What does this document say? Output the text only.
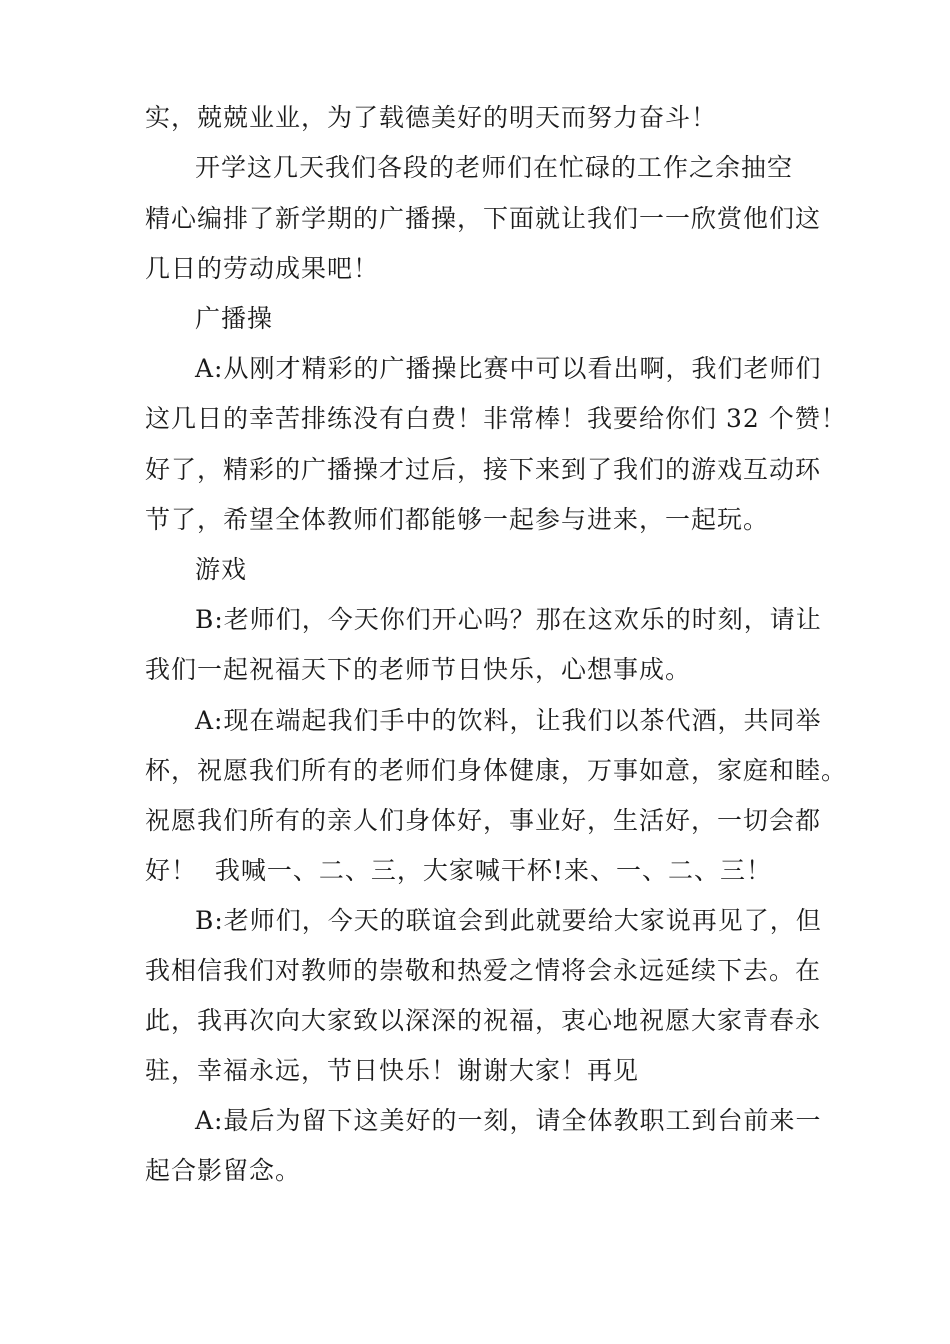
实，兢兢业业，为了载德美好的明天而努力奋斗！
开学这几天我们各段的老师们在忙碌的工作之余抽空
精心编排了新学期的广播操，下面就让我们一一欣赏他们这
几日的劳动成果吧！
广播操
A:从刚才精彩的广播操比赛中可以看出啊，我们老师们
这几日的幸苦排练没有白费！非常棒！我要给你们 32 个赞！
好了，精彩的广播操才过后，接下来到了我们的游戏互动环
节了，希望全体教师们都能够一起参与进来，一起玩。
游戏
B:老师们，今天你们开心吗？那在这欢乐的时刻，请让
我们一起祝福天下的老师节日快乐，心想事成。
A:现在端起我们手中的饮料，让我们以茶代酒，共同举
杯，祝愿我们所有的老师们身体健康，万事如意，家庭和睦。
祝愿我们所有的亲人们身体好，事业好，生活好，一切会都
好！  我喊一、二、三，大家喊干杯!来、一、二、三！
B:老师们，今天的联谊会到此就要给大家说再见了，但
我相信我们对教师的崇敬和热爱之情将会永远延续下去。在
此，我再次向大家致以深深的祝福，衷心地祝愿大家青春永
驻，幸福永远，节日快乐！谢谢大家！再见
A:最后为留下这美好的一刻，请全体教职工到台前来一
起合影留念。
